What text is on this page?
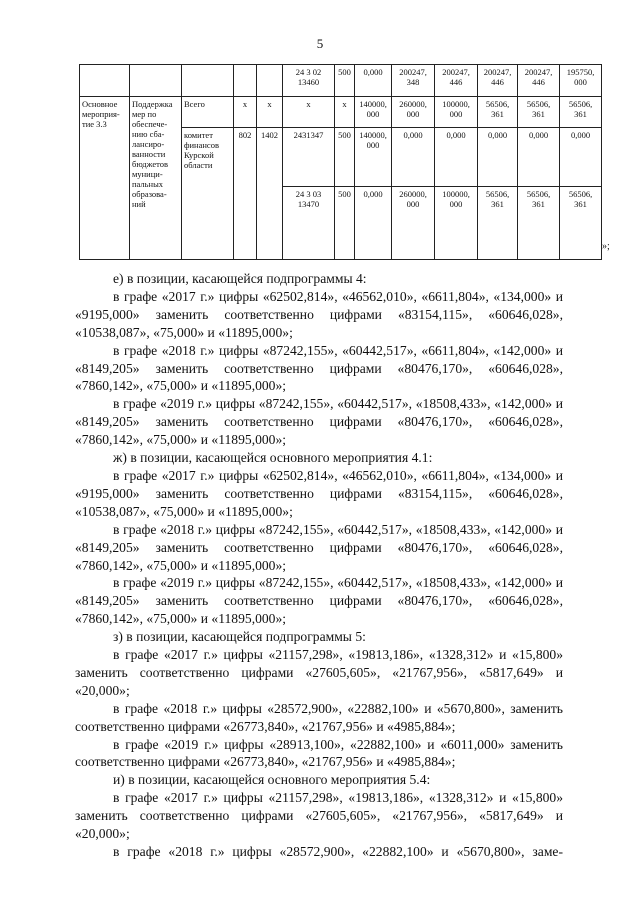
5
					24 3 02 13460	500	0,000	200247, 348	200247, 446	200247, 446	200247, 446	195750, 000
Основное мероприя-тие 3.3	Поддержка мер по обеспече-нию сба-лансиро-ванности бюджетов муници-пальных образова-ний	Всего	x	x	x	x	140000, 000	260000, 000	100000, 000	56506, 361	56506, 361	56506, 361
		комитет финансов Курской области	802	1402	2431347	500	140000, 000	0,000	0,000	0,000	0,000	0,000
					24 3 03 13470	500	0,000	260000, 000	100000, 000	56506, 361	56506, 361	56506, 361
»;

е) в позиции, касающейся подпрограммы 4:

в графе «2017 г.» цифры «62502,814», «46562,010», «6611,804», «134,000» и «9195,000» заменить соответственно цифрами «83154,115», «60646,028», «10538,087», «75,000» и «11895,000»;

в графе «2018 г.» цифры «87242,155», «60442,517», «6611,804», «142,000» и «8149,205» заменить соответственно цифрами «80476,170», «60646,028», «7860,142», «75,000» и «11895,000»;

в графе «2019 г.» цифры «87242,155», «60442,517», «18508,433», «142,000» и «8149,205» заменить соответственно цифрами «80476,170», «60646,028», «7860,142», «75,000» и «11895,000»;

ж) в позиции, касающейся основного мероприятия 4.1:

в графе «2017 г.» цифры «62502,814», «46562,010», «6611,804», «134,000» и «9195,000» заменить соответственно цифрами «83154,115», «60646,028», «10538,087», «75,000» и «11895,000»;

в графе «2018 г.» цифры «87242,155», «60442,517», «18508,433», «142,000» и «8149,205» заменить соответственно цифрами «80476,170», «60646,028», «7860,142», «75,000» и «11895,000»;

в графе «2019 г.» цифры «87242,155», «60442,517», «18508,433», «142,000» и «8149,205» заменить соответственно цифрами «80476,170», «60646,028», «7860,142», «75,000» и «11895,000»;

з) в позиции, касающейся подпрограммы 5:

в графе «2017 г.» цифры «21157,298», «19813,186», «1328,312» и «15,800» заменить соответственно цифрами «27605,605», «21767,956», «5817,649» и «20,000»;

в графе «2018 г.» цифры «28572,900», «22882,100» и «5670,800», заменить соответственно цифрами «26773,840», «21767,956» и «4985,884»;

в графе «2019 г.» цифры «28913,100», «22882,100» и «6011,000» заменить соответственно цифрами «26773,840», «21767,956» и «4985,884»;

и) в позиции, касающейся основного мероприятия 5.4:

в графе «2017 г.» цифры «21157,298», «19813,186», «1328,312» и «15,800» заменить соответственно цифрами «27605,605», «21767,956», «5817,649» и «20,000»;

в графе «2018 г.» цифры «28572,900», «22882,100» и «5670,800», заме-
